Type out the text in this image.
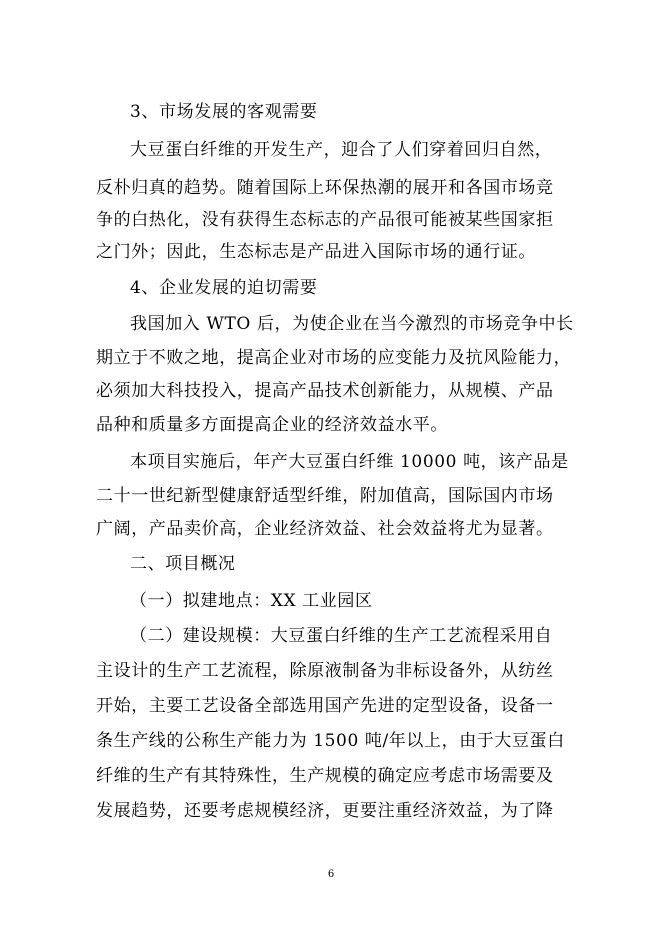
3、市场发展的客观需要
大豆蛋白纤维的开发生产，迎合了人们穿着回归自然，
反朴归真的趋势。随着国际上环保热潮的展开和各国市场竞
争的白热化，没有获得生态标志的产品很可能被某些国家拒
之门外；因此，生态标志是产品进入国际市场的通行证。
4、企业发展的迫切需要
我国加入 WTO 后，为使企业在当今激烈的市场竞争中长
期立于不败之地，提高企业对市场的应变能力及抗风险能力，
必须加大科技投入，提高产品技术创新能力，从规模、产品
品种和质量多方面提高企业的经济效益水平。
本项目实施后，年产大豆蛋白纤维 10000 吨，该产品是
二十一世纪新型健康舒适型纤维，附加值高，国际国内市场
广阔，产品卖价高，企业经济效益、社会效益将尤为显著。
二、项目概况
（一）拟建地点：XX 工业园区
（二）建设规模：大豆蛋白纤维的生产工艺流程采用自
主设计的生产工艺流程，除原液制备为非标设备外，从纺丝
开始，主要工艺设备全部选用国产先进的定型设备，设备一
条生产线的公称生产能力为 1500 吨/年以上，由于大豆蛋白
纤维的生产有其特殊性，生产规模的确定应考虑市场需要及
发展趋势，还要考虑规模经济，更要注重经济效益，为了降
6
